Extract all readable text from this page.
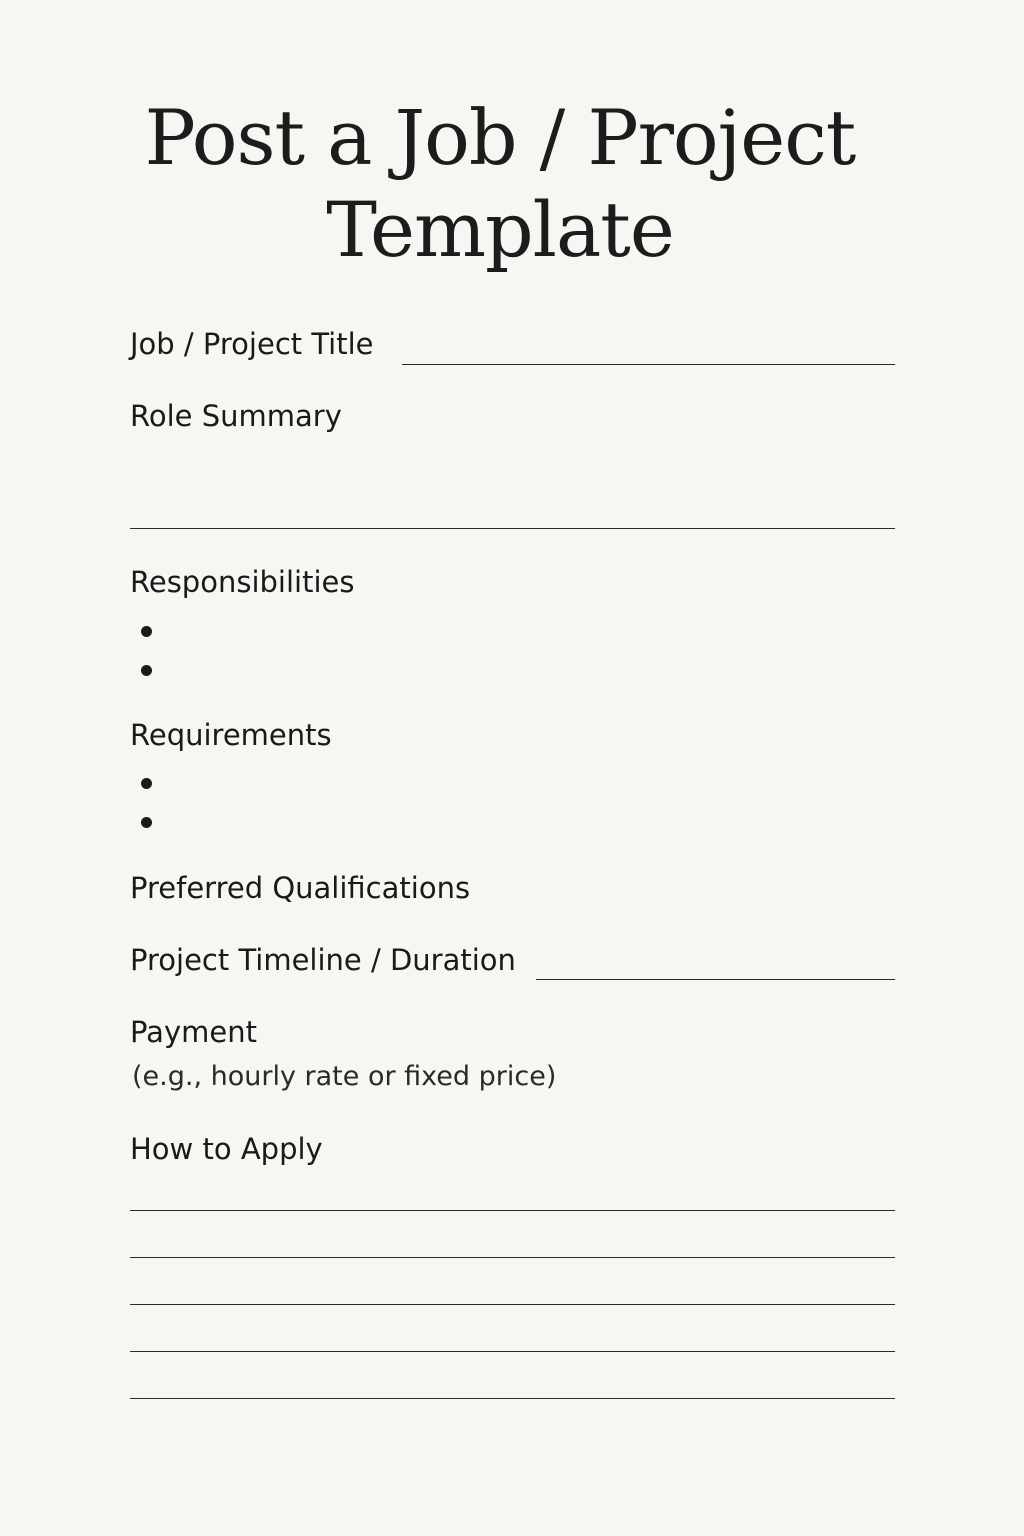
Post a Job / Project
Template
Job / Project Title
Role Summary
Responsibilities
Requirements
Preferred Qualifications
Project Timeline / Duration
Payment
(e.g., hourly rate or fixed price)
How to Apply
